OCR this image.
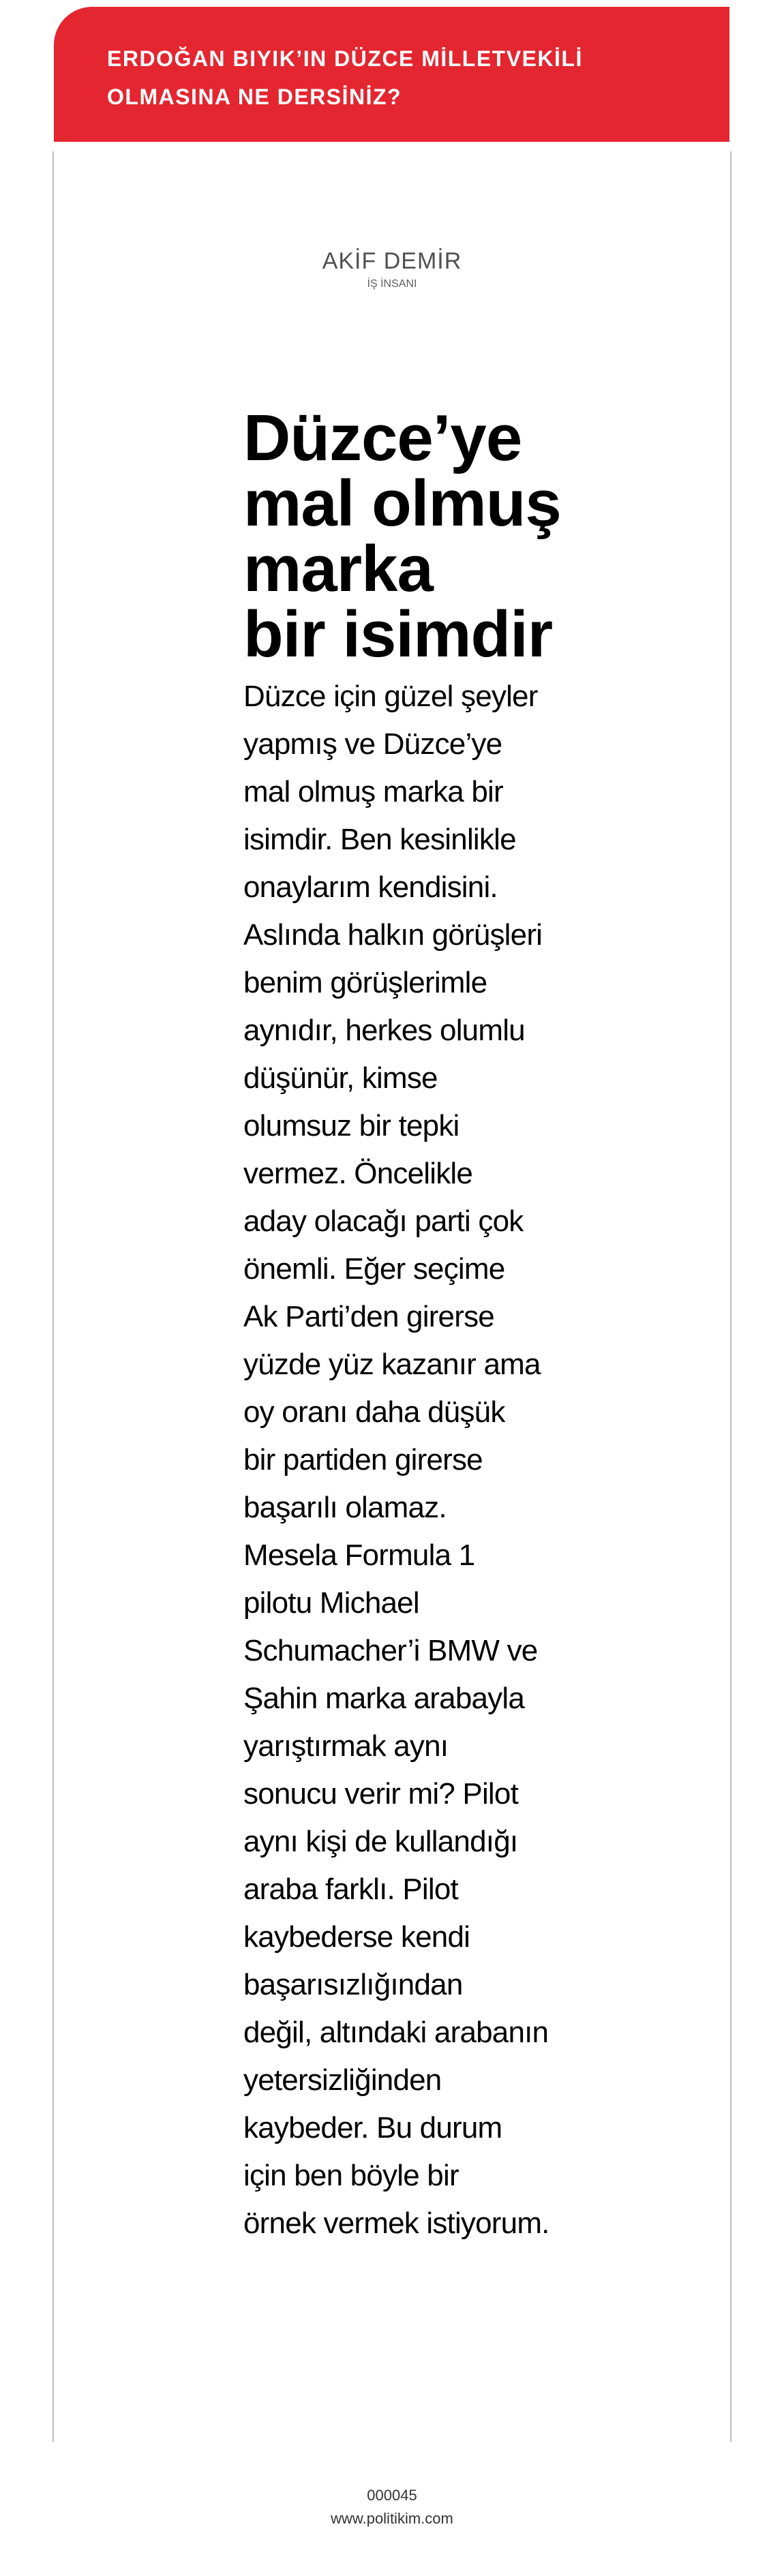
ERDOĞAN BIYIK’IN DÜZCE MİLLETVEKİLİ
OLMASINA NE DERSİNİZ?

AKİF DEMİR
İŞ İNSANI
Düzce’ye
mal olmuş
marka
bir isimdir
Düzce için güzel şeyler
yapmış ve Düzce’ye
mal olmuş marka bir
isimdir. Ben kesinlikle
onaylarım kendisini.
Aslında halkın görüşleri
benim görüşlerimle
aynıdır, herkes olumlu
düşünür, kimse
olumsuz bir tepki
vermez. Öncelikle
aday olacağı parti çok
önemli. Eğer seçime
Ak Parti’den girerse
yüzde yüz kazanır ama
oy oranı daha düşük
bir partiden girerse
başarılı olamaz.
Mesela Formula 1
pilotu Michael
Schumacher’i BMW ve
Şahin marka arabayla
yarıştırmak aynı
sonucu verir mi? Pilot
aynı kişi de kullandığı
araba farklı. Pilot
kaybederse kendi
başarısızlığından
değil, altındaki arabanın
yetersizliğinden
kaybeder. Bu durum
için ben böyle bir
örnek vermek istiyorum.
000045
www.politikim.com
